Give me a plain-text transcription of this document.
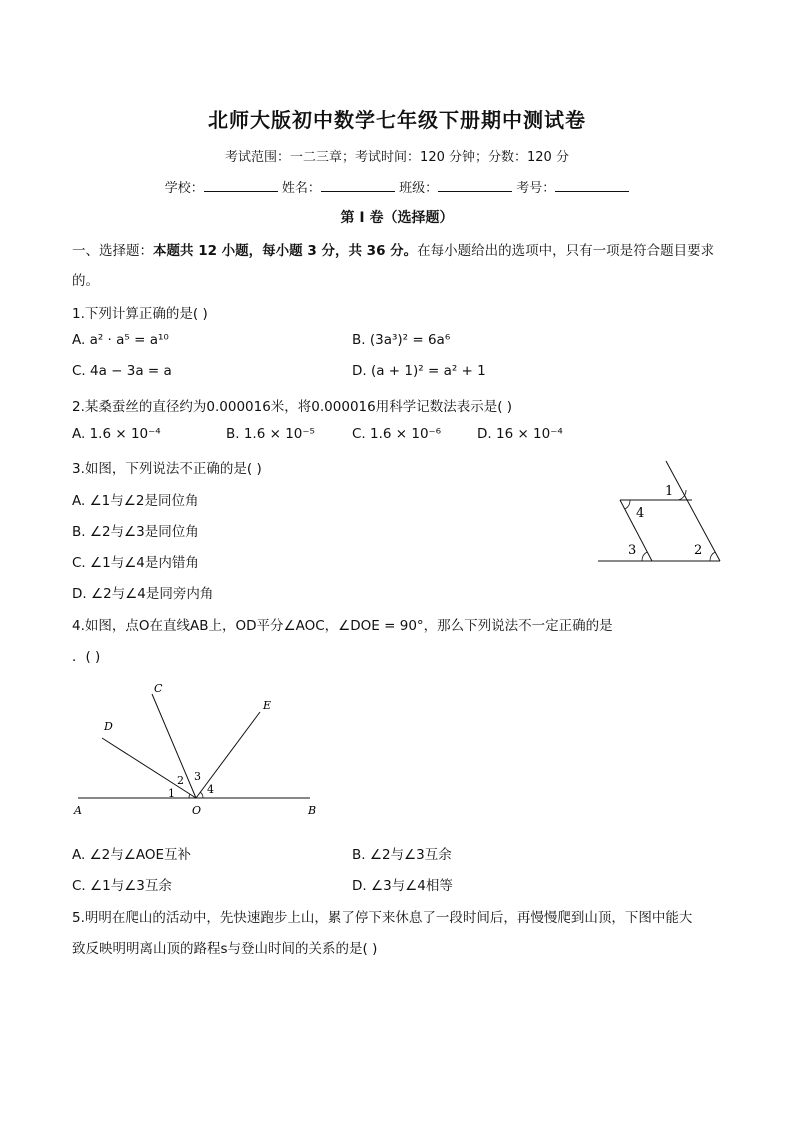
北师大版初中数学七年级下册期中测试卷
考试范围：一二三章；考试时间：120 分钟；分数：120 分
学校：	姓名：	班级：	考号：
第 I 卷（选择题）
一、选择题：本题共 12 小题，每小题 3 分，共 36 分。在每小题给出的选项中，只有一项是符合题目要求
的。
1.下列计算正确的是( )
A. a² · a⁵ = a¹⁰	B. (3a³)² = 6a⁶
C. 4a − 3a = a	D. (a + 1)² = a² + 1
2.某桑蚕丝的直径约为0.000016米，将0.000016用科学记数法表示是( )
A. 1.6 × 10⁻⁴	B. 1.6 × 10⁻⁵	C. 1.6 × 10⁻⁶	D. 16 × 10⁻⁴
3.如图，下列说法不正确的是( )
A. ∠1与∠2是同位角
B. ∠2与∠3是同位角
C. ∠1与∠4是内错角
D. ∠2与∠4是同旁内角
1
2
3
4
4.如图，点O在直线AB上，OD平分∠AOC，∠DOE = 90°，那么下列说法不一定正确的是
．( )
C
D
E
A	O	B
1
2 3
4
A. ∠2与∠AOE互补	B. ∠2与∠3互余
C. ∠1与∠3互余	D. ∠3与∠4相等
5.明明在爬山的活动中，先快速跑步上山，累了停下来休息了一段时间后，再慢慢爬到山顶，下图中能大
致反映明明离山顶的路程s与登山时间的关系的是( )
